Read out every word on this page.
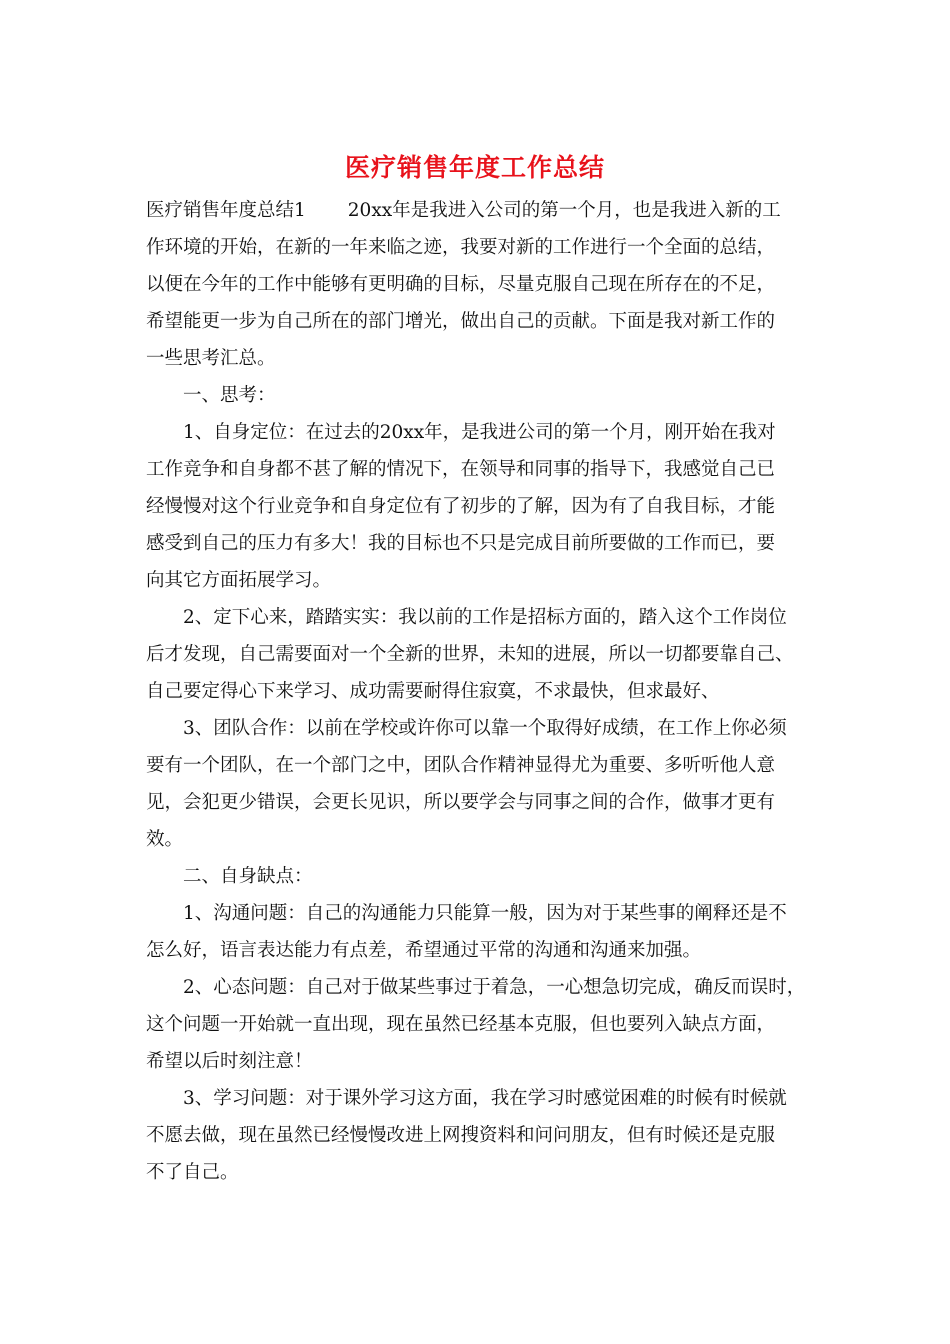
医疗销售年度工作总结
医疗销售年度总结1 20xx年是我进入公司的第一个月，也是我进入新的工
作环境的开始，在新的一年来临之迹，我要对新的工作进行一个全面的总结，
以便在今年的工作中能够有更明确的目标，尽量克服自己现在所存在的不足，
希望能更一步为自己所在的部门增光，做出自己的贡献。下面是我对新工作的
一些思考汇总。
一、思考：
1、自身定位：在过去的20xx年，是我进公司的第一个月，刚开始在我对
工作竞争和自身都不甚了解的情况下，在领导和同事的指导下，我感觉自己已
经慢慢对这个行业竞争和自身定位有了初步的了解，因为有了自我目标，才能
感受到自己的压力有多大！我的目标也不只是完成目前所要做的工作而已，要
向其它方面拓展学习。
2、定下心来，踏踏实实：我以前的工作是招标方面的，踏入这个工作岗位
后才发现，自己需要面对一个全新的世界，未知的进展，所以一切都要靠自己、
自己要定得心下来学习、成功需要耐得住寂寞，不求最快，但求最好、
3、团队合作：以前在学校或许你可以靠一个取得好成绩，在工作上你必须
要有一个团队，在一个部门之中，团队合作精神显得尤为重要、多听听他人意
见，会犯更少错误，会更长见识，所以要学会与同事之间的合作，做事才更有
效。
二、自身缺点：
1、沟通问题：自己的沟通能力只能算一般，因为对于某些事的阐释还是不
怎么好，语言表达能力有点差，希望通过平常的沟通和沟通来加强。
2、心态问题：自己对于做某些事过于着急，一心想急切完成，确反而误时，
这个问题一开始就一直出现，现在虽然已经基本克服，但也要列入缺点方面，
希望以后时刻注意！
3、学习问题：对于课外学习这方面，我在学习时感觉困难的时候有时候就
不愿去做，现在虽然已经慢慢改进上网搜资料和问问朋友，但有时候还是克服
不了自己。
